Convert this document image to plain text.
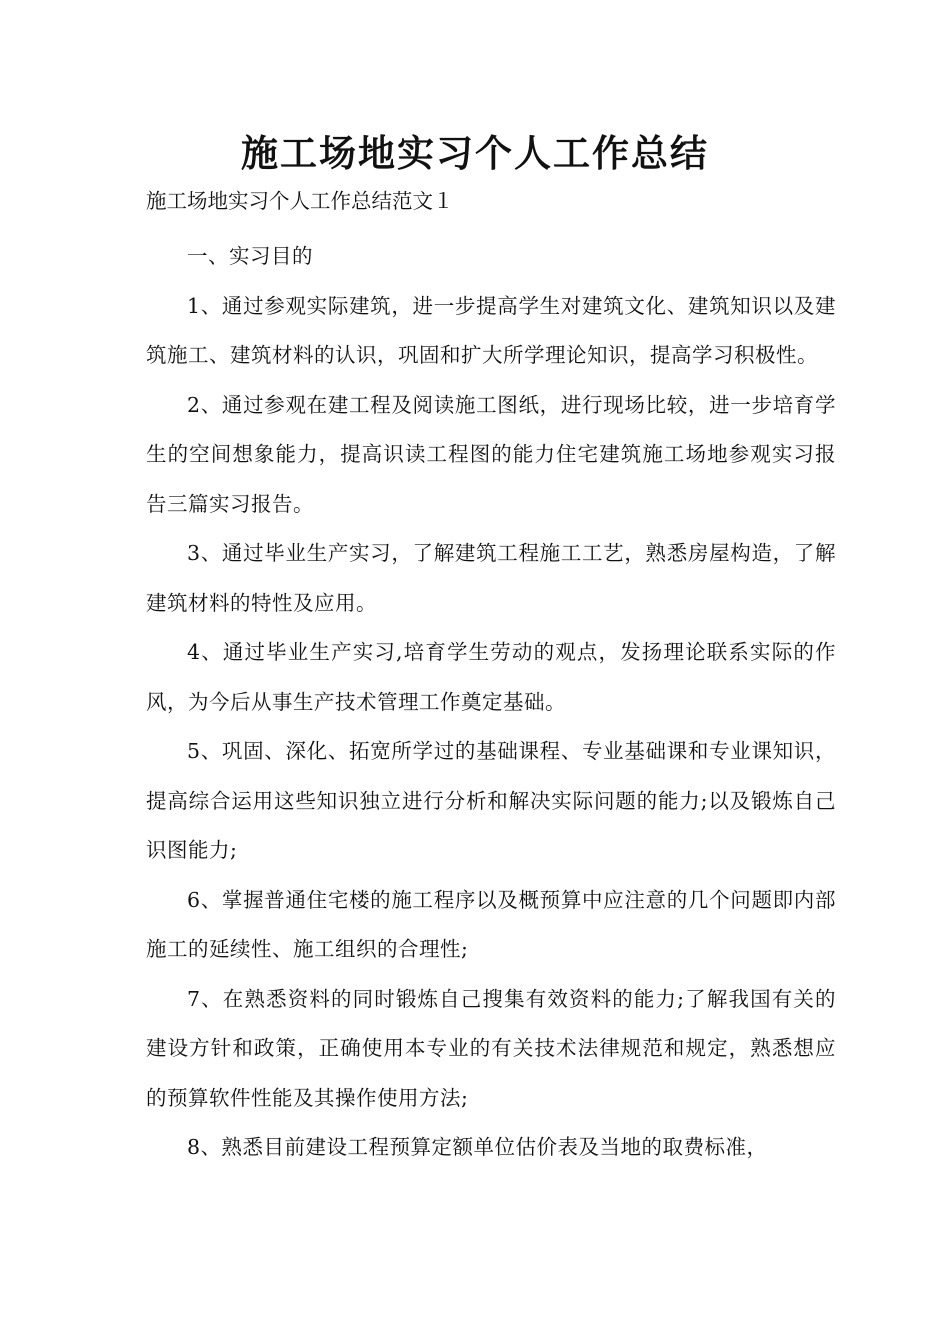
施工场地实习个人工作总结

施工场地实习个人工作总结范文１

一、实习目的

1、通过参观实际建筑，进一步提高学生对建筑文化、建筑知识以及建筑施工、建筑材料的认识，巩固和扩大所学理论知识，提高学习积极性。

2、通过参观在建工程及阅读施工图纸，进行现场比较，进一步培育学生的空间想象能力，提高识读工程图的能力住宅建筑施工场地参观实习报告三篇实习报告。

3、通过毕业生产实习，了解建筑工程施工工艺，熟悉房屋构造，了解建筑材料的特性及应用。

4、通过毕业生产实习,培育学生劳动的观点，发扬理论联系实际的作风，为今后从事生产技术管理工作奠定基础。

5、巩固、深化、拓宽所学过的基础课程、专业基础课和专业课知识，提高综合运用这些知识独立进行分析和解决实际问题的能力;以及锻炼自己识图能力;

6、掌握普通住宅楼的施工程序以及概预算中应注意的几个问题即内部施工的延续性、施工组织的合理性;

7、在熟悉资料的同时锻炼自己搜集有效资料的能力;了解我国有关的建设方针和政策，正确使用本专业的有关技术法律规范和规定，熟悉想应的预算软件性能及其操作使用方法;

8、熟悉目前建设工程预算定额单位估价表及当地的取费标准，
